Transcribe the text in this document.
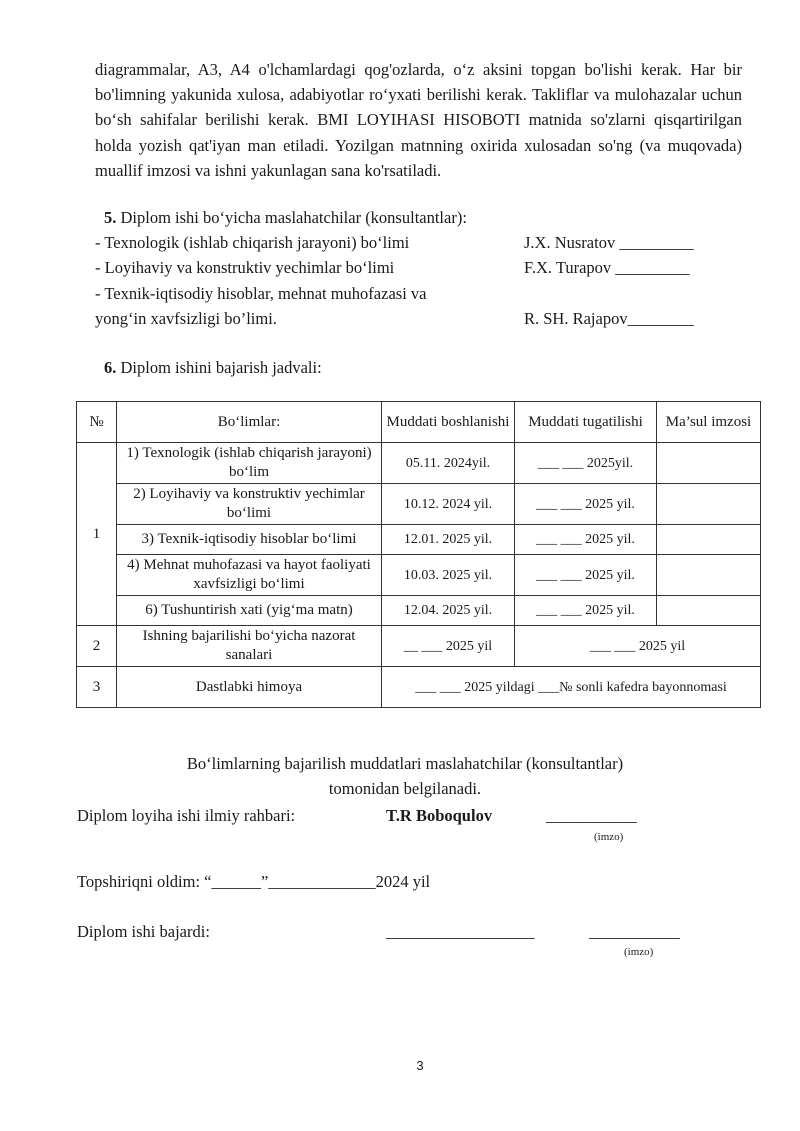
diagrammalar, A3, A4 o'lchamlardagi qog'ozlarda, oʻz aksini topgan bo'lishi kerak. Har bir bo'limning yakunida xulosa, adabiyotlar roʻyxati berilishi kerak. Takliflar va mulohazalar uchun boʻsh sahifalar berilishi kerak. BMI LOYIHASI HISOBOTI matnida so'zlarni qisqartirilgan holda yozish qat'iyan man etiladi. Yozilgan matnning oxirida xulosadan so'ng (va muqovada) muallif imzosi va ishni yakunlagan sana ko'rsatiladi.

5. Diplom ishi boʻyicha maslahatchilar (konsultantlar):

- Texnologik (ishlab chiqarish jarayoni) boʻlimi	J.X. Nusratov _________

- Loyihaviy va konstruktiv yechimlar boʻlimi	F.X. Turapov _________

- Texnik-iqtisodiy hisoblar, mehnat muhofazasi va

yongʻin xavfsizligi bo’limi.	R. SH. Rajapov________

6. Diplom ishini bajarish jadvali:

№	Boʻlimlar:	Muddati boshlanishi	Muddati tugatilishi	Ma’sul imzosi
1	1) Texnologik (ishlab chiqarish jarayoni) boʻlim	05.11. 2024yil.	___ ___ 2025yil.	
	2) Loyihaviy va konstruktiv yechimlar boʻlimi	10.12. 2024 yil.	___ ___ 2025 yil.	
	3) Texnik-iqtisodiy hisoblar boʻlimi	12.01. 2025 yil.	___ ___ 2025 yil.	
	4) Mehnat muhofazasi va hayot faoliyati xavfsizligi boʻlimi	10.03. 2025 yil.	___ ___ 2025 yil.	
	6) Tushuntirish xati (yigʻma matn)	12.04. 2025 yil.	___ ___ 2025 yil.	
2	Ishning bajarilishi boʻyicha nazorat sanalari	__ ___ 2025 yil	___ ___ 2025 yil	
3	Dastlabki himoya	___ ___ 2025 yildagi ___№ sonli kafedra bayonnomasi		

Boʻlimlarning bajarilish muddatlari maslahatchilar (konsultantlar) tomonidan belgilanadi.

Diplom loyiha ishi ilmiy rahbari:	T.R Boboqulov	___________

(imzo)

Topshiriqni oldim: “______”_____________2024 yil

Diplom ishi bajardi:	__________________	___________

(imzo)
3
